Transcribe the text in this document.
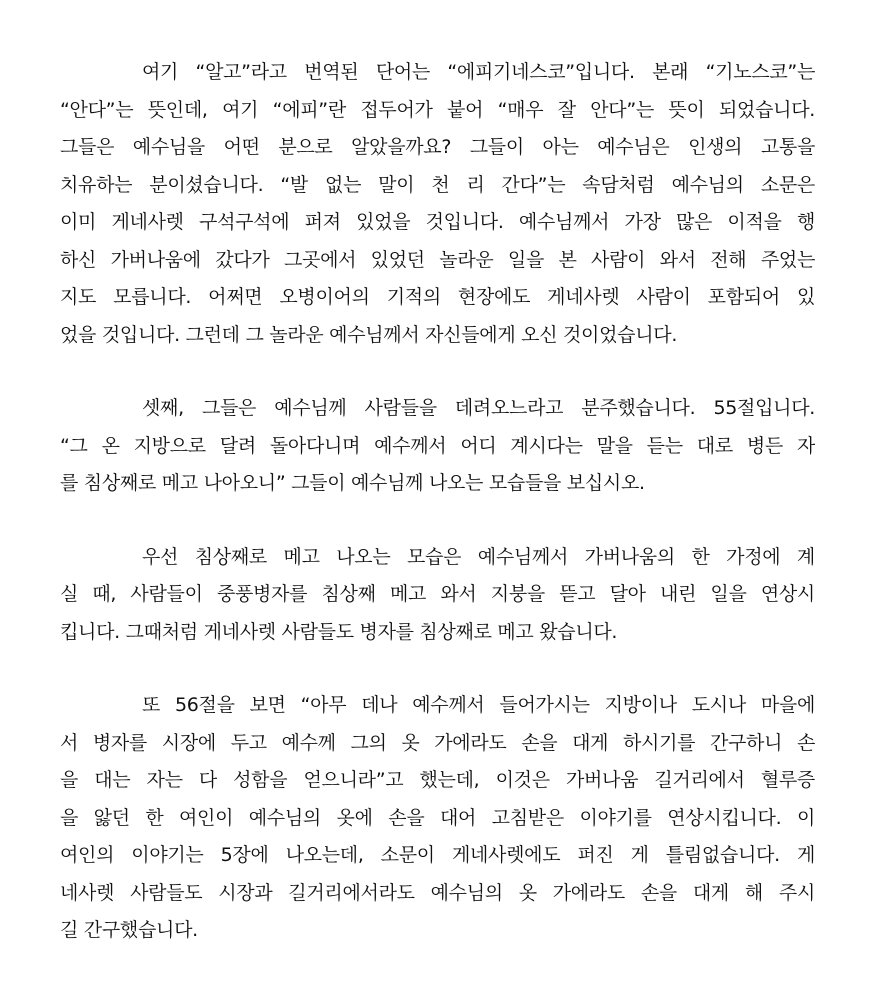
여기 “알고”라고 번역된 단어는 “에피기네스코”입니다. 본래 “기노스코”는
“안다”는 뜻인데, 여기 “에피”란 접두어가 붙어 “매우 잘 안다”는 뜻이 되었습니다.
그들은 예수님을 어떤 분으로 알았을까요? 그들이 아는 예수님은 인생의 고통을
치유하는 분이셨습니다. “발 없는 말이 천 리 간다”는 속담처럼 예수님의 소문은
이미 게네사렛 구석구석에 퍼져 있었을 것입니다. 예수님께서 가장 많은 이적을 행
하신 가버나움에 갔다가 그곳에서 있었던 놀라운 일을 본 사람이 와서 전해 주었는
지도 모릅니다. 어쩌면 오병이어의 기적의 현장에도 게네사렛 사람이 포함되어 있
었을 것입니다. 그런데 그 놀라운 예수님께서 자신들에게 오신 것이었습니다.
셋째, 그들은 예수님께 사람들을 데려오느라고 분주했습니다. 55절입니다.
“그 온 지방으로 달려 돌아다니며 예수께서 어디 계시다는 말을 듣는 대로 병든 자
를 침상째로 메고 나아오니” 그들이 예수님께 나오는 모습들을 보십시오.
우선 침상째로 메고 나오는 모습은 예수님께서 가버나움의 한 가정에 계
실 때, 사람들이 중풍병자를 침상째 메고 와서 지붕을 뜯고 달아 내린 일을 연상시
킵니다. 그때처럼 게네사렛 사람들도 병자를 침상째로 메고 왔습니다.
또 56절을 보면 “아무 데나 예수께서 들어가시는 지방이나 도시나 마을에
서 병자를 시장에 두고 예수께 그의 옷 가에라도 손을 대게 하시기를 간구하니 손
을 대는 자는 다 성함을 얻으니라”고 했는데, 이것은 가버나움 길거리에서 혈루증
을 앓던 한 여인이 예수님의 옷에 손을 대어 고침받은 이야기를 연상시킵니다. 이
여인의 이야기는 5장에 나오는데, 소문이 게네사렛에도 퍼진 게 틀림없습니다. 게
네사렛 사람들도 시장과 길거리에서라도 예수님의 옷 가에라도 손을 대게 해 주시
길 간구했습니다.
